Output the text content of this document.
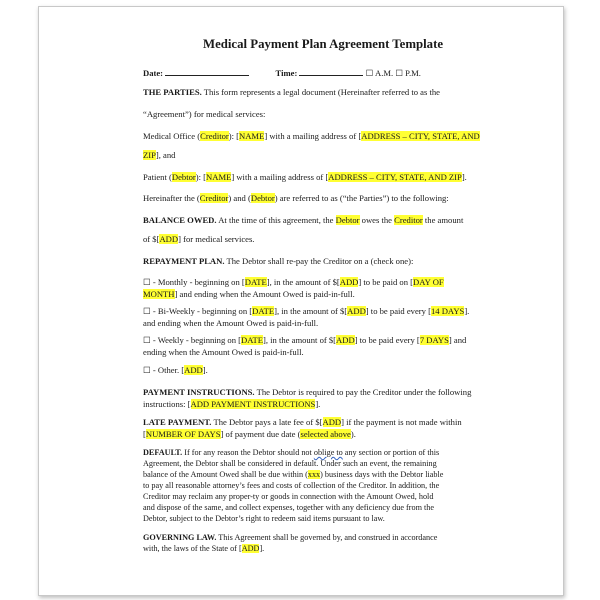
Medical Payment Plan Agreement Template
Date:	Time:	☐ A.M. ☐ P.M.
THE PARTIES. This form represents a legal document (Hereinafter referred to as the
“Agreement”) for medical services:
Medical Office (Creditor): [NAME] with a mailing address of [ADDRESS – CITY, STATE, AND
ZIP], and
Patient (Debtor): [NAME] with a mailing address of [ADDRESS – CITY, STATE, AND ZIP].
Hereinafter the (Creditor) and (Debtor) are referred to as (“the Parties”) to the following:
BALANCE OWED. At the time of this agreement, the Debtor owes the Creditor the amount
of $[ADD] for medical services.
REPAYMENT PLAN. The Debtor shall re-pay the Creditor on a (check one):
☐ - Monthly - beginning on [DATE], in the amount of $[ADD] to be paid on [DAY OF
MONTH] and ending when the Amount Owed is paid-in-full.
☐ - Bi-Weekly - beginning on [DATE], in the amount of $[ADD] to be paid every [14 DAYS].
and ending when the Amount Owed is paid-in-full.
☐ - Weekly - beginning on [DATE], in the amount of $[ADD] to be paid every [7 DAYS] and
ending when the Amount Owed is paid-in-full.
☐ - Other. [ADD].
PAYMENT INSTRUCTIONS. The Debtor is required to pay the Creditor under the following
instructions: [ADD PAYMENT INSTRUCTIONS].
LATE PAYMENT. The Debtor pays a late fee of $[ADD] if the payment is not made within
[NUMBER OF DAYS] of payment due date (selected above).
DEFAULT. If for any reason the Debtor should not oblige to any section or portion of this
Agreement, the Debtor shall be considered in default. Under such an event, the remaining
balance of the Amount Owed shall be due within (xxx) business days with the Debtor liable
to pay all reasonable attorney’s fees and costs of collection of the Creditor. In addition, the
Creditor may reclaim any proper-ty or goods in connection with the Amount Owed, hold
and dispose of the same, and collect expenses, together with any deficiency due from the
Debtor, subject to the Debtor’s right to redeem said items pursuant to law.
GOVERNING LAW. This Agreement shall be governed by, and construed in accordance
with, the laws of the State of [ADD].
